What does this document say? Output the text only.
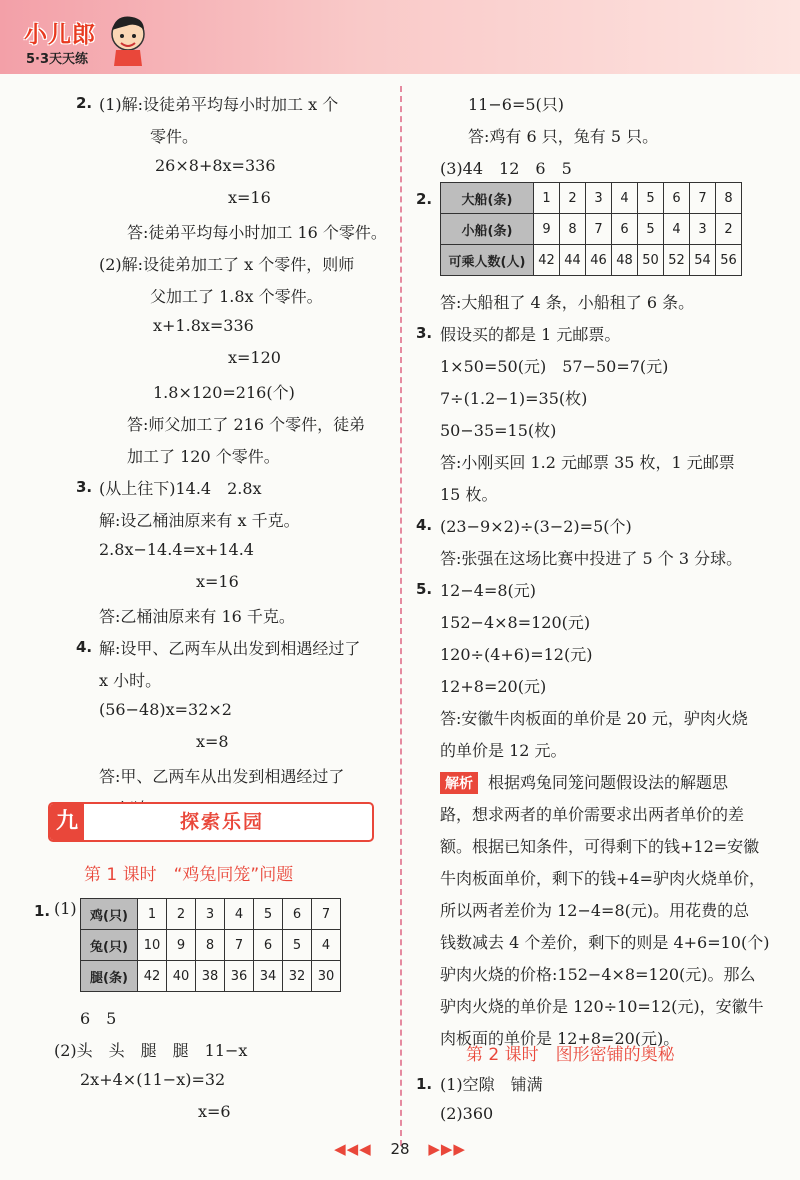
小儿郎
5·3天天练
2. (1)解:设徒弟平均每小时加工 x 个
零件。
26×8+8x=336
x=16
答:徒弟平均每小时加工 16 个零件。
(2)解:设徒弟加工了 x 个零件，则师
父加工了 1.8x 个零件。
x+1.8x=336
x=120
1.8×120=216(个)
答:师父加工了 216 个零件，徒弟
加工了 120 个零件。
3. (从上往下)14.4　2.8x
解:设乙桶油原来有 x 千克。
2.8x−14.4=x+14.4
x=16
答:乙桶油原来有 16 千克。
4. 解:设甲、乙两车从出发到相遇经过了
x 小时。
(56−48)x=32×2
x=8
答:甲、乙两车从出发到相遇经过了
九	探索乐园
第 1 课时　“鸡兔同笼”问题
1. (1) 鸡(只)	1	2	3	4	5	6	7
兔(只)	10	9	8	7	6	5	4
腿(条)	42	40	38	36	34	32	30
6　5
(2)头　头　腿　腿　11−x
2x+4×(11−x)=32
x=6
11−6=5(只)
答:鸡有 6 只，兔有 5 只。
(3)44　12　6　5
2. 大船(条)	1	2	3	4	5	6	7	8
小船(条)	9	8	7	6	5	4	3	2
可乘人数(人)	42	44	46	48	50	52	54	56
答:大船租了 4 条，小船租了 6 条。
3. 假设买的都是 1 元邮票。
1×50=50(元)　57−50=7(元)
7÷(1.2−1)=35(枚)
50−35=15(枚)
答:小刚买回 1.2 元邮票 35 枚，1 元邮票
15 枚。
4. (23−9×2)÷(3−2)=5(个)
答:张强在这场比赛中投进了 5 个 3 分球。
5. 12−4=8(元)
152−4×8=120(元)
120÷(4+6)=12(元)
12+8=20(元)
答:安徽牛肉板面的单价是 20 元，驴肉火烧
的单价是 12 元。
解析 根据鸡兔同笼问题假设法的解题思
路，想求两者的单价需要求出两者单价的差
额。根据已知条件，可得剩下的钱+12=安徽
牛肉板面单价，剩下的钱+4=驴肉火烧单价，
所以两者差价为 12−4=8(元)。用花费的总
钱数减去 4 个差价，剩下的则是 4+6=10(个)
驴肉火烧的价格:152−4×8=120(元)。那么
驴肉火烧的单价是 120÷10=12(元)，安徽牛
肉板面的单价是 12+8=20(元)。
第 2 课时　图形密铺的奥秘
1. (1)空隙　铺满
(2)360
◀◀◀ 28 ▶▶▶
